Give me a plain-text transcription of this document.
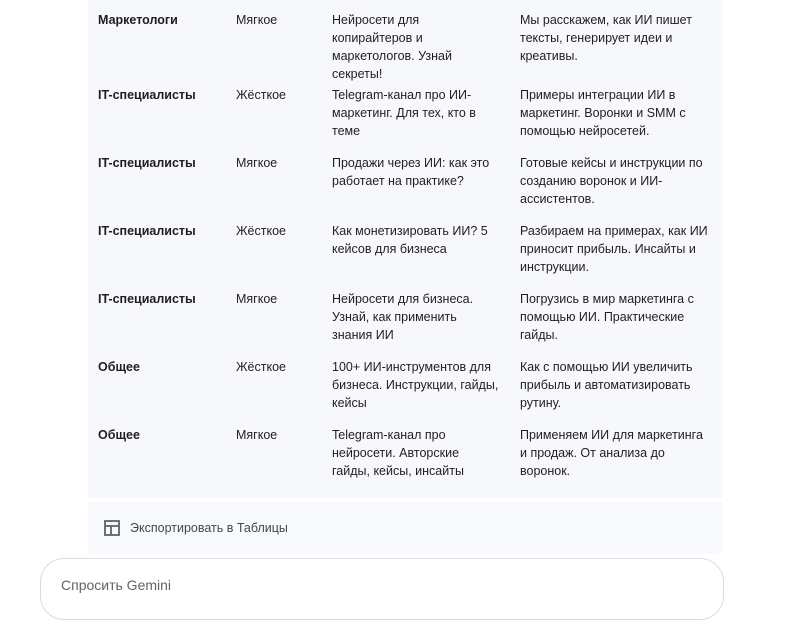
Маркетологи	Мягкое	Нейросети для копирайтеров и маркетологов. Узнай секреты!	Мы расскажем, как ИИ пишет тексты, генерирует идеи и креативы.
IT-специалисты	Жёсткое	Telegram-канал про ИИ-маркетинг. Для тех, кто в теме	Примеры интеграции ИИ в маркетинг. Воронки и SMM с помощью нейросетей.
IT-специалисты	Мягкое	Продажи через ИИ: как это работает на практике?	Готовые кейсы и инструкции по созданию воронок и ИИ-ассистентов.
IT-специалисты	Жёсткое	Как монетизировать ИИ? 5 кейсов для бизнеса	Разбираем на примерах, как ИИ приносит прибыль. Инсайты и инструкции.
IT-специалисты	Мягкое	Нейросети для бизнеса. Узнай, как применить знания ИИ	Погрузись в мир маркетинга с помощью ИИ. Практические гайды.
Общее	Жёсткое	100+ ИИ-инструментов для бизнеса. Инструкции, гайды, кейсы	Как с помощью ИИ увеличить прибыль и автоматизировать рутину.
Общее	Мягкое	Telegram-канал про нейросети. Авторские гайды, кейсы, инсайты	Применяем ИИ для маркетинга и продаж. От анализа до воронок.
Экспортировать в Таблицы
Спросить Gemini
